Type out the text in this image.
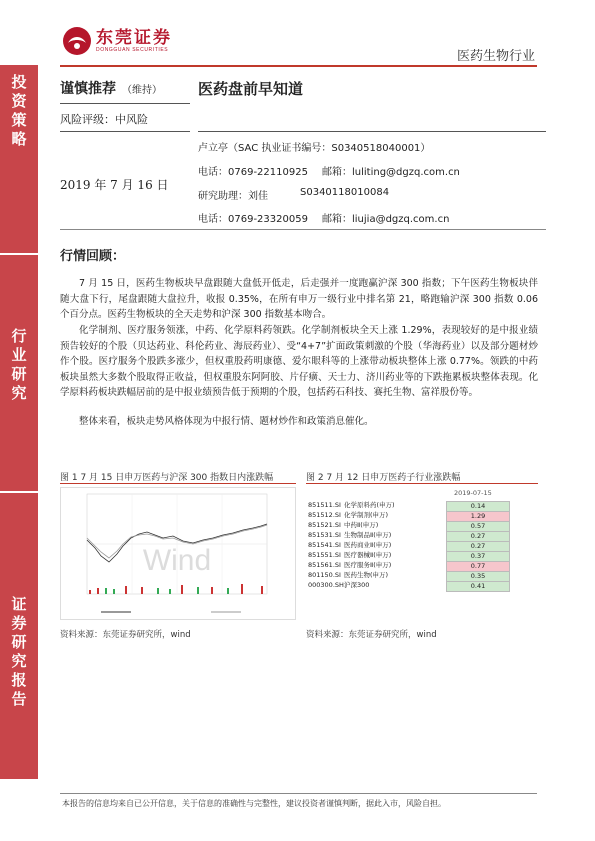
东莞证券
DONGGUAN SECURITIES	医药生物行业
投资策略
行业研究
证券研究报告
谨慎推荐 （维持）
风险评级：中风险
2019 年 7 月 16 日
医药盘前早知道
卢立亭（SAC 执业证书编号：S0340518040001）
电话：0769-22110925 邮箱：luliting@dgzq.com.cn
研究助理：刘佳	S0340118010084
电话：0769-23320059 邮箱：liujia@dgzq.com.cn
行情回顾：
7 月 15 日，医药生物板块早盘跟随大盘低开低走，后走强并一度跑赢沪深 300 指数；下午医药生物板块伴随大盘下行，尾盘跟随大盘拉升，收报 0.35%，在所有申万一级行业中排名第 21，略跑输沪深 300 指数 0.06 个百分点。医药生物板块的全天走势和沪深 300 指数基本吻合。
化学制剂、医疗服务领涨，中药、化学原料药领跌。化学制剂板块全天上涨 1.29%，表现较好的是中报业绩预告较好的个股（贝达药业、科伦药业、海辰药业）、受“4+7”扩面政策刺激的个股（华海药业）以及部分题材炒作个股。医疗服务个股跌多涨少，但权重股药明康德、爱尔眼科等的上涨带动板块整体上涨 0.77%。领跌的中药板块虽然大多数个股取得正收益，但权重股东阿阿胶、片仔癀、天士力、济川药业等的下跌拖累板块整体表现。化学原料药板块跌幅居前的是中报业绩预告低于预期的个股，包括药石科技、赛托生物、富祥股份等。
整体来看，板块走势风格体现为中报行情、题材炒作和政策消息催化。
图 1 7 月 15 日申万医药与沪深 300 指数日内涨跌幅
Wind
资料来源：东莞证券研究所，wind
图 2 7 月 12 日申万医药子行业涨跌幅
2019-07-15
851511.SI 化学原料药(申万)	0.14
851512.SI 化学制剂(申万)	1.29
851521.SI 中药Ⅱ(申万)	0.57
851531.SI 生物制品Ⅱ(申万)	0.27
851541.SI 医药商业Ⅱ(申万)	0.27
851551.SI 医疗器械Ⅱ(申万)	0.37
851561.SI 医疗服务Ⅱ(申万)	0.77
801150.SI 医药生物(申万)	0.35
000300.SH 沪深300	0.41
资料来源：东莞证券研究所，wind
本报告的信息均来自已公开信息，关于信息的准确性与完整性，建议投资者谨慎判断，据此入市，风险自担。
